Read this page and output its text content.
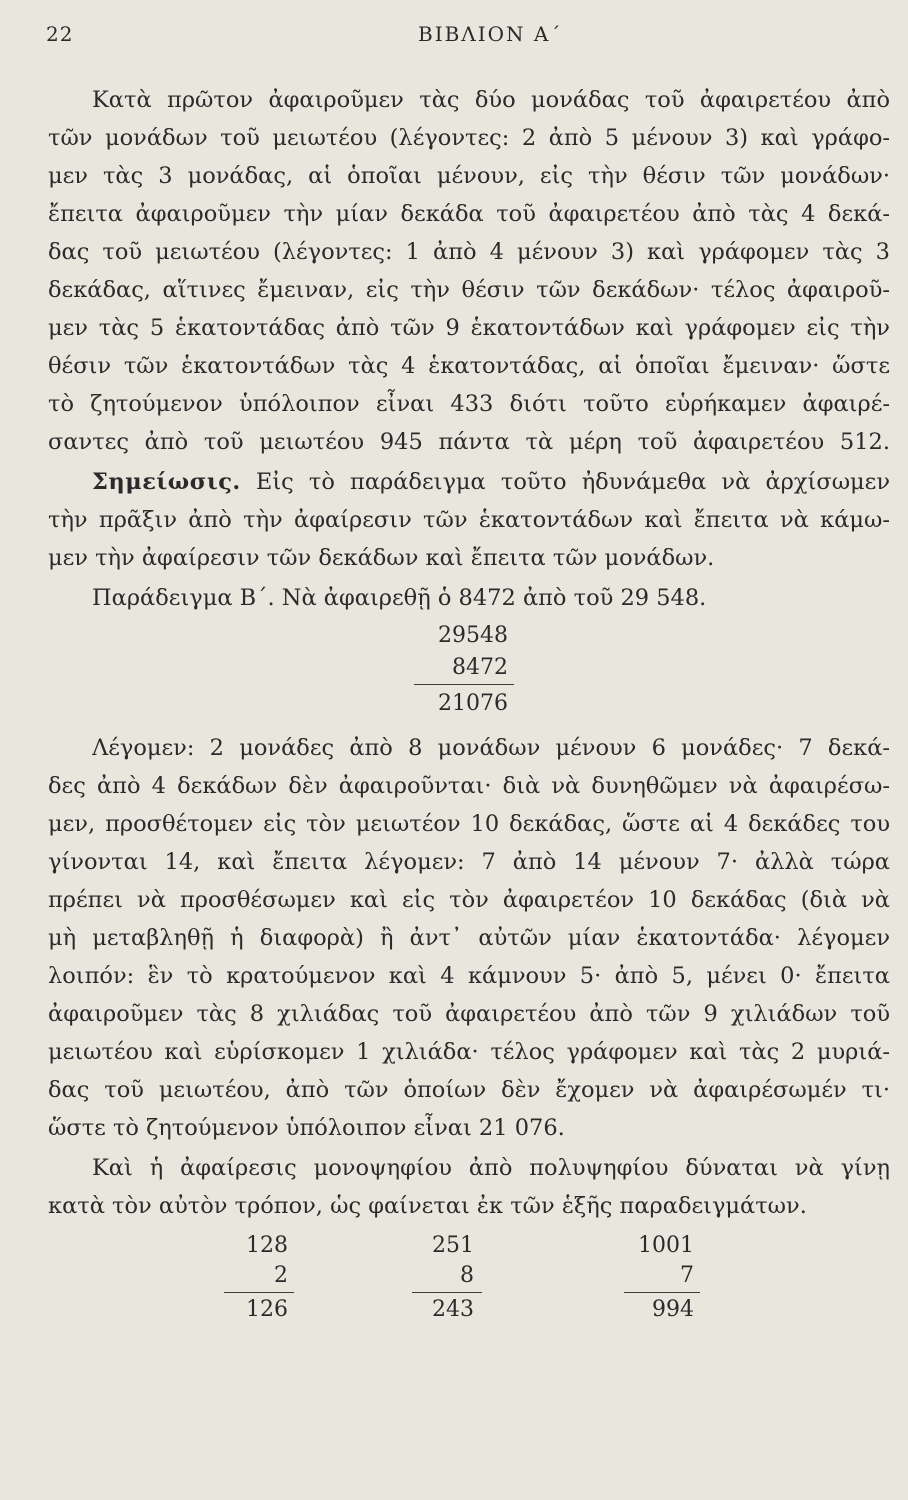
22	ΒΙΒΛΙΟΝ Α΄
Κατὰ πρῶτον ἀφαιροῦμεν τὰς δύο μονάδας τοῦ ἀφαιρετέου ἀπὸ
τῶν μονάδων τοῦ μειωτέου (λέγοντες: 2 ἀπὸ 5 μένουν 3) καὶ γράφο-
μεν τὰς 3 μονάδας, αἱ ὁποῖαι μένουν, εἰς τὴν θέσιν τῶν μονάδων·
ἔπειτα ἀφαιροῦμεν τὴν μίαν δεκάδα τοῦ ἀφαιρετέου ἀπὸ τὰς 4 δεκά-
δας τοῦ μειωτέου (λέγοντες: 1 ἀπὸ 4 μένουν 3) καὶ γράφομεν τὰς 3
δεκάδας, αἵτινες ἔμειναν, εἰς τὴν θέσιν τῶν δεκάδων· τέλος ἀφαιροῦ-
μεν τὰς 5 ἑκατοντάδας ἀπὸ τῶν 9 ἑκατοντάδων καὶ γράφομεν εἰς τὴν
θέσιν τῶν ἑκατοντάδων τὰς 4 ἑκατοντάδας, αἱ ὁποῖαι ἔμειναν· ὥστε
τὸ ζητούμενον ὑπόλοιπον εἶναι 433 διότι τοῦτο εὑρήκαμεν ἀφαιρέ-
σαντες ἀπὸ τοῦ μειωτέου 945 πάντα τὰ μέρη τοῦ ἀφαιρετέου 512.
Σημείωσις. Εἰς τὸ παράδειγμα τοῦτο ἠδυνάμεθα νὰ ἀρχίσωμεν
τὴν πρᾶξιν ἀπὸ τὴν ἀφαίρεσιν τῶν ἑκατοντάδων καὶ ἔπειτα νὰ κάμω-
μεν τὴν ἀφαίρεσιν τῶν δεκάδων καὶ ἔπειτα τῶν μονάδων.
Παράδειγμα Β΄. Νὰ ἀφαιρεθῇ ὁ 8472 ἀπὸ τοῦ 29 548.
29548
8472
21076
Λέγομεν: 2 μονάδες ἀπὸ 8 μονάδων μένουν 6 μονάδες· 7 δεκά-
δες ἀπὸ 4 δεκάδων δὲν ἀφαιροῦνται· διὰ νὰ δυνηθῶμεν νὰ ἀφαιρέσω-
μεν, προσθέτομεν εἰς τὸν μειωτέον 10 δεκάδας, ὥστε αἱ 4 δεκάδες του
γίνονται 14, καὶ ἔπειτα λέγομεν: 7 ἀπὸ 14 μένουν 7· ἀλλὰ τώρα
πρέπει νὰ προσθέσωμεν καὶ εἰς τὸν ἀφαιρετέον 10 δεκάδας (διὰ νὰ
μὴ μεταβληθῇ ἡ διαφορὰ) ἢ ἀντ᾿ αὐτῶν μίαν ἑκατοντάδα· λέγομεν
λοιπόν: ἓν τὸ κρατούμενον καὶ 4 κάμνουν 5· ἀπὸ 5, μένει 0· ἔπειτα
ἀφαιροῦμεν τὰς 8 χιλιάδας τοῦ ἀφαιρετέου ἀπὸ τῶν 9 χιλιάδων τοῦ
μειωτέου καὶ εὑρίσκομεν 1 χιλιάδα· τέλος γράφομεν καὶ τὰς 2 μυριά-
δας τοῦ μειωτέου, ἀπὸ τῶν ὁποίων δὲν ἔχομεν νὰ ἀφαιρέσωμέν τι·
ὥστε τὸ ζητούμενον ὑπόλοιπον εἶναι 21 076.
Καὶ ἡ ἀφαίρεσις μονοψηφίου ἀπὸ πολυψηφίου δύναται νὰ γίνῃ
κατὰ τὸν αὐτὸν τρόπον, ὡς φαίνεται ἐκ τῶν ἑξῆς παραδειγμάτων.
128
2
126
251
8
243
1001
7
994
